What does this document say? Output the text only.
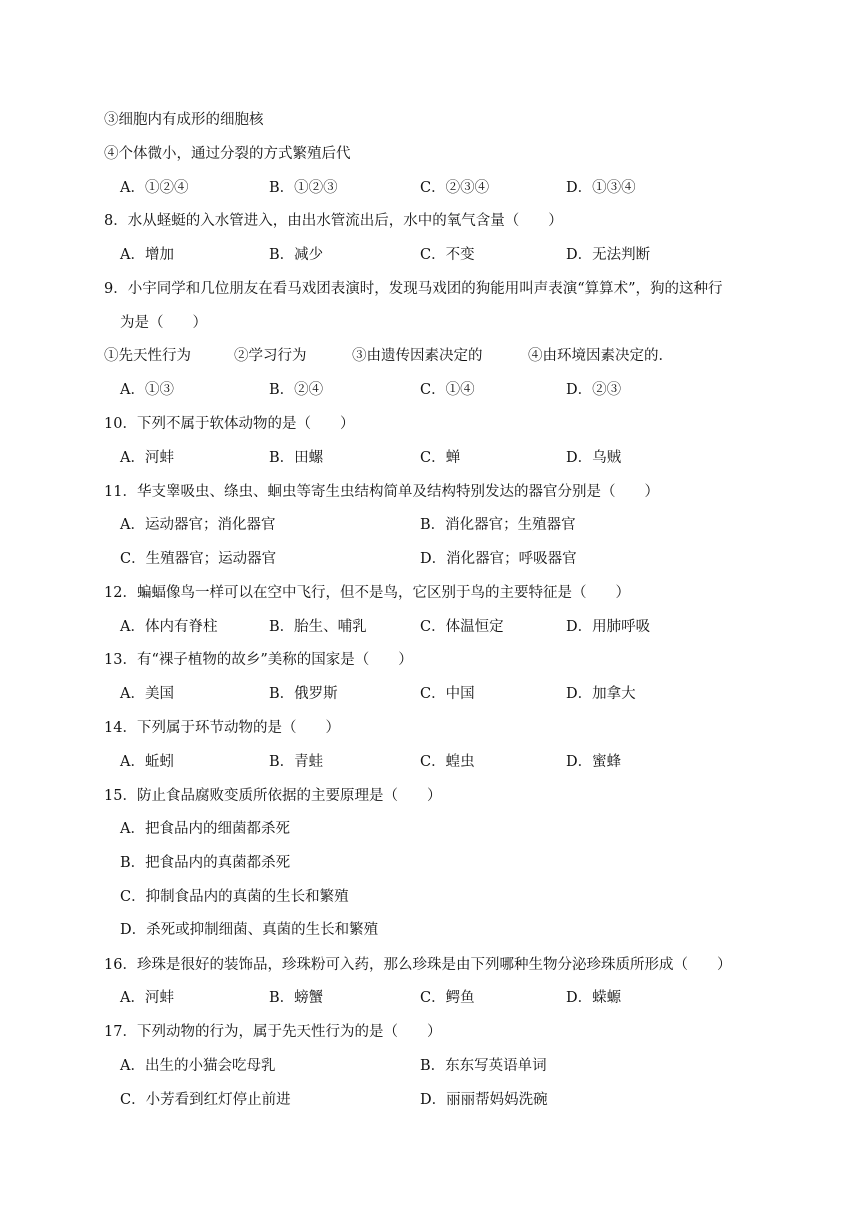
③细胞内有成形的细胞核
④个体微小，通过分裂的方式繁殖后代
A．①②④	B．①②③	C．②③④	D．①③④
8．水从蛏蜓的入水管进入，由出水管流出后，水中的氧气含量（　　）
A．增加	B．减少	C．不变	D．无法判断
9．小宇同学和几位朋友在看马戏团表演时，发现马戏团的狗能用叫声表演“算算术”，狗的这种行
为是（　　）
①先天性行为	②学习行为	③由遗传因素决定的	④由环境因素决定的．
A．①③	B．②④	C．①④	D．②③
10．下列不属于软体动物的是（　　）
A．河蚌	B．田螺	C．蝉	D．乌贼
11．华支睾吸虫、绦虫、蛔虫等寄生虫结构简单及结构特别发达的器官分别是（　　）
A．运动器官；消化器官	B．消化器官；生殖器官
C．生殖器官；运动器官	D．消化器官；呼吸器官
12．蝙蝠像鸟一样可以在空中飞行，但不是鸟，它区别于鸟的主要特征是（　　）
A．体内有脊柱	B．胎生、哺乳	C．体温恒定	D．用肺呼吸
13．有“裸子植物的故乡”美称的国家是（　　）
A．美国	B．俄罗斯	C．中国	D．加拿大
14．下列属于环节动物的是（　　）
A．蚯蚓	B．青蛙	C．蝗虫	D．蜜蜂
15．防止食品腐败变质所依据的主要原理是（　　）
A．把食品内的细菌都杀死
B．把食品内的真菌都杀死
C．抑制食品内的真菌的生长和繁殖
D．杀死或抑制细菌、真菌的生长和繁殖
16．珍珠是很好的装饰品，珍珠粉可入药，那么珍珠是由下列哪种生物分泌珍珠质所形成（　　）
A．河蚌	B．螃蟹	C．鳄鱼	D．蝾螈
17．下列动物的行为，属于先天性行为的是（　　）
A．出生的小猫会吃母乳	B．东东写英语单词
C．小芳看到红灯停止前进	D．丽丽帮妈妈洗碗
